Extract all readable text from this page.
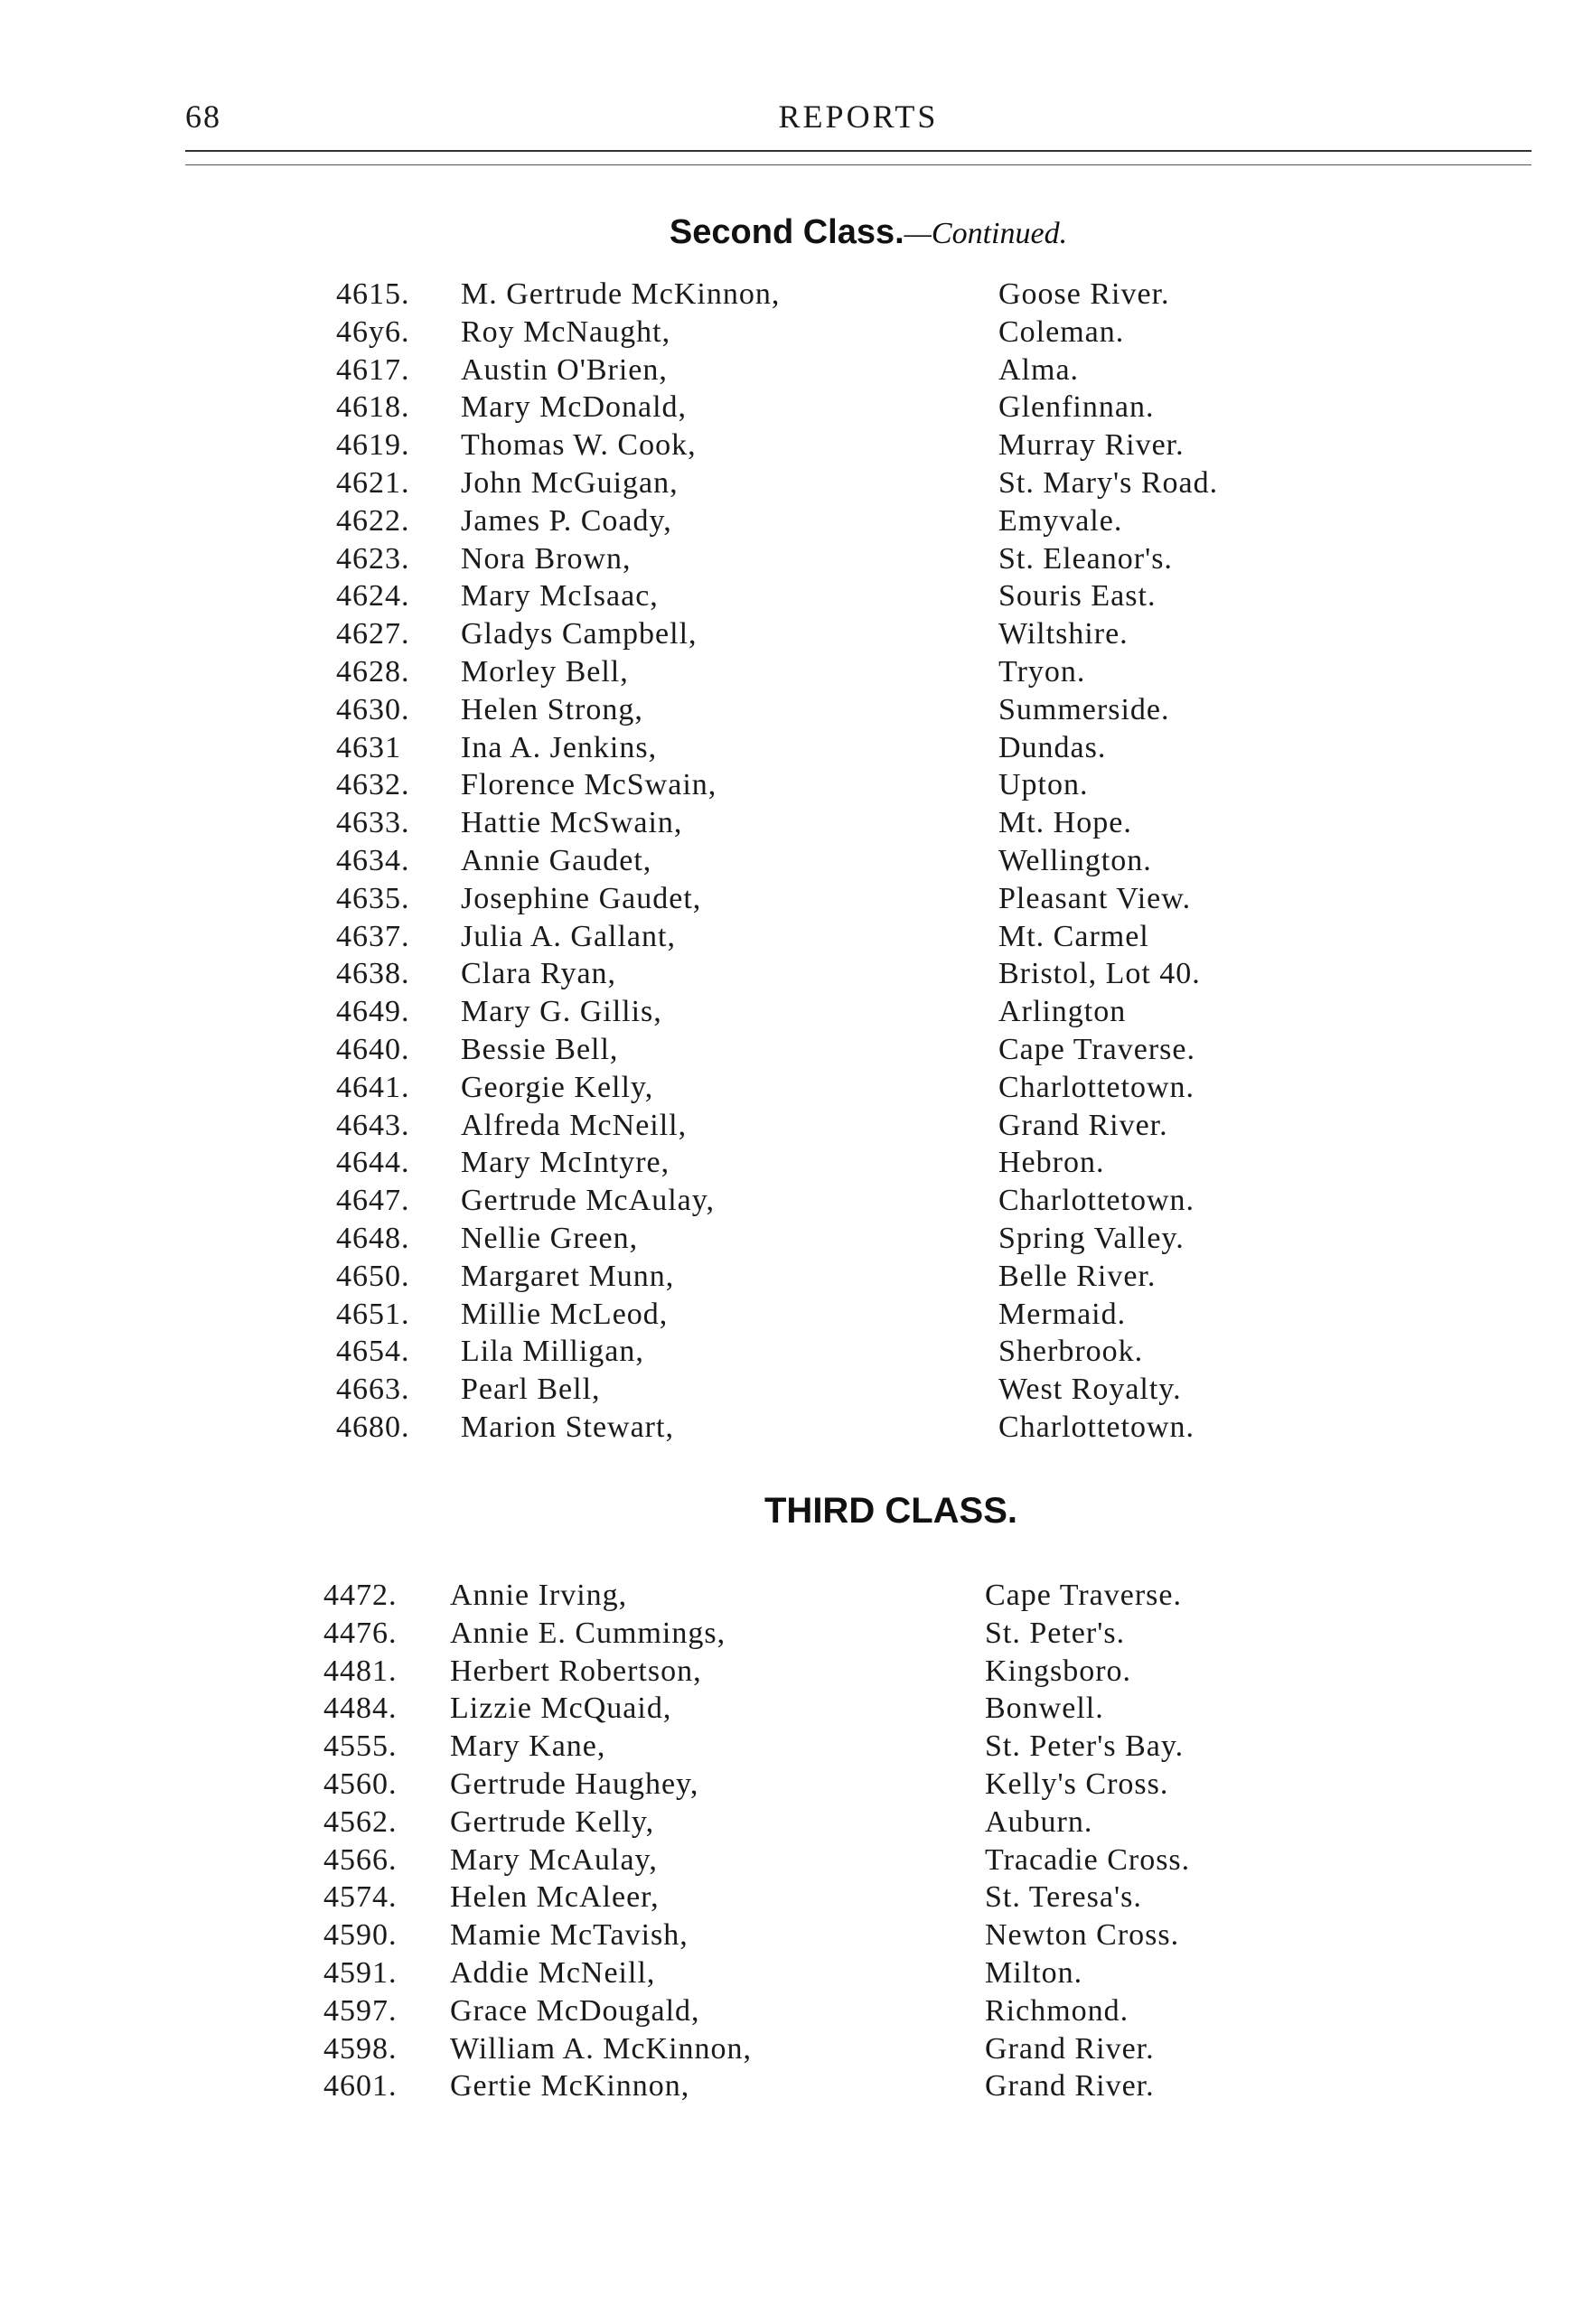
68	REPORTS
Second Class.—Continued.
4615. M. Gertrude McKinnon,	Goose River.
46y6. Roy McNaught,	Coleman.
4617. Austin O'Brien,	Alma.
4618. Mary McDonald,	Glenfinnan.
4619. Thomas W. Cook,	Murray River.
4621. John McGuigan,	St. Mary's Road.
4622. James P. Coady,	Emyvale.
4623. Nora Brown,	St. Eleanor's.
4624. Mary McIsaac,	Souris East.
4627. Gladys Campbell,	Wiltshire.
4628. Morley Bell,	Tryon.
4630. Helen Strong,	Summerside.
4631 Ina A. Jenkins,	Dundas.
4632. Florence McSwain,	Upton.
4633. Hattie McSwain,	Mt. Hope.
4634. Annie Gaudet,	Wellington.
4635. Josephine Gaudet,	Pleasant View.
4637. Julia A. Gallant,	Mt. Carmel
4638. Clara Ryan,	Bristol, Lot 40.
4649. Mary G. Gillis,	Arlington
4640. Bessie Bell,	Cape Traverse.
4641. Georgie Kelly,	Charlottetown.
4643. Alfreda McNeill,	Grand River.
4644. Mary McIntyre,	Hebron.
4647. Gertrude McAulay,	Charlottetown.
4648. Nellie Green,	Spring Valley.
4650. Margaret Munn,	Belle River.
4651. Millie McLeod,	Mermaid.
4654. Lila Milligan,	Sherbrook.
4663. Pearl Bell,	West Royalty.
4680. Marion Stewart,	Charlottetown.
THIRD CLASS.
4472. Annie Irving,	Cape Traverse.
4476. Annie E. Cummings,	St. Peter's.
4481. Herbert Robertson,	Kingsboro.
4484. Lizzie McQuaid,	Bonwell.
4555. Mary Kane,	St. Peter's Bay.
4560. Gertrude Haughey,	Kelly's Cross.
4562. Gertrude Kelly,	Auburn.
4566. Mary McAulay,	Tracadie Cross.
4574. Helen McAleer,	St. Teresa's.
4590. Mamie McTavish,	Newton Cross.
4591. Addie McNeill,	Milton.
4597. Grace McDougald,	Richmond.
4598. William A. McKinnon,	Grand River.
4601. Gertie McKinnon,	Grand River.
